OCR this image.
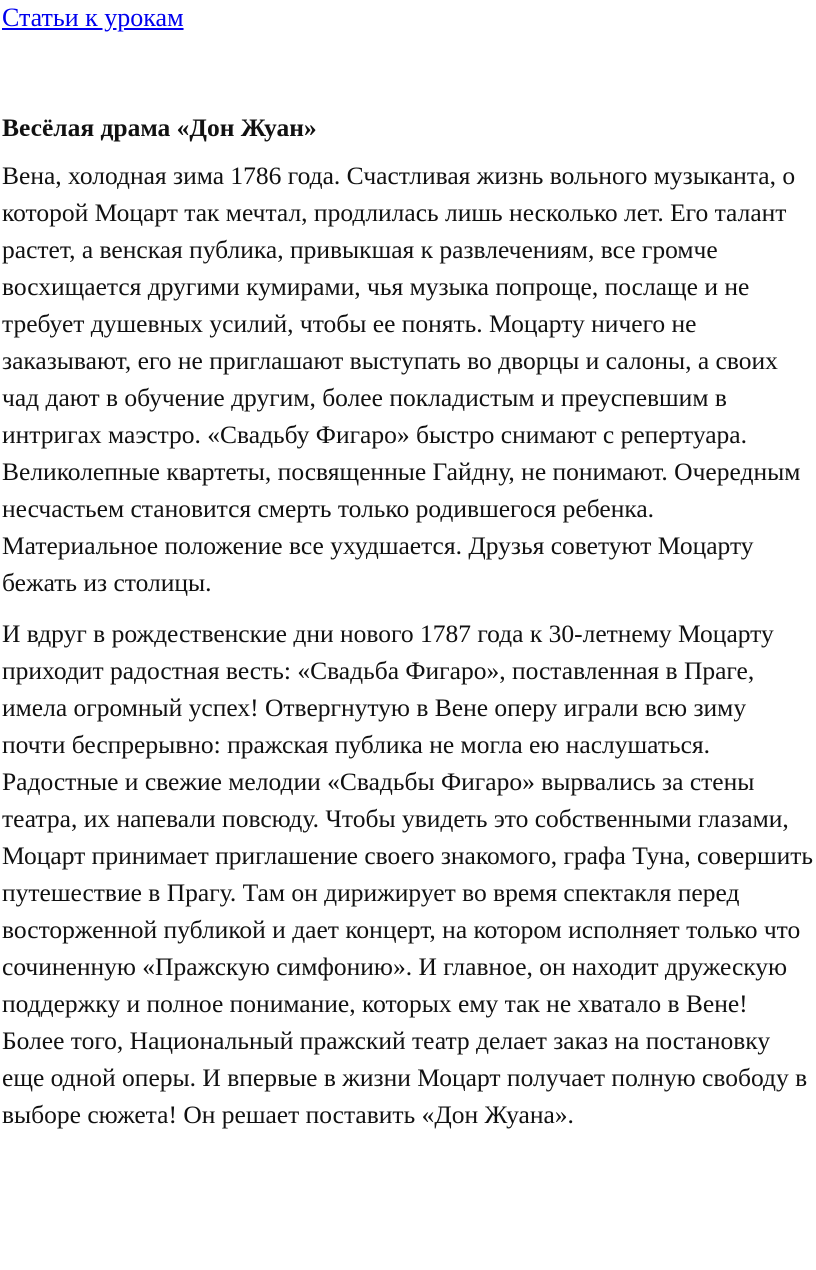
Статьи к урокам
Весёлая драма «Дон Жуан»

Вена, холодная зима 1786 года. Счастливая жизнь вольного музыканта, о которой Моцарт так мечтал, продлилась лишь несколько лет. Его талант растет, а венская публика, привыкшая к развлечениям, все громче восхищается другими кумирами, чья музыка попроще, послаще и не требует душевных усилий, чтобы ее понять. Моцарту ничего не заказывают, его не приглашают выступать во дворцы и салоны, а своих чад дают в обучение другим, более покладистым и преуспевшим в интригах маэстро. «Свадьбу Фигаро» быстро снимают с репертуара. Великолепные квартеты, посвященные Гайдну, не понимают. Очередным несчастьем становится смерть только родившегося ребенка. Материальное положение все ухудшается. Друзья советуют Моцарту бежать из столицы.

И вдруг в рождественские дни нового 1787 года к 30-летнему Моцарту приходит радостная весть: «Свадьба Фигаро», поставленная в Праге, имела огромный успех! Отвергнутую в Вене оперу играли всю зиму почти беспрерывно: пражская публика не могла ею наслушаться. Радостные и свежие мелодии «Свадьбы Фигаро» вырвались за стены театра, их напевали повсюду. Чтобы увидеть это собственными глазами, Моцарт принимает приглашение своего знакомого, графа Туна, совершить путешествие в Прагу. Там он дирижирует во время спектакля перед восторженной публикой и дает концерт, на котором исполняет только что сочиненную «Пражскую симфонию». И главное, он находит дружескую поддержку и полное понимание, которых ему так не хватало в Вене! Более того, Национальный пражский театр делает заказ на постановку еще одной оперы. И впервые в жизни Моцарт получает полную свободу в выборе сюжета! Он решает поставить «Дон Жуана».
